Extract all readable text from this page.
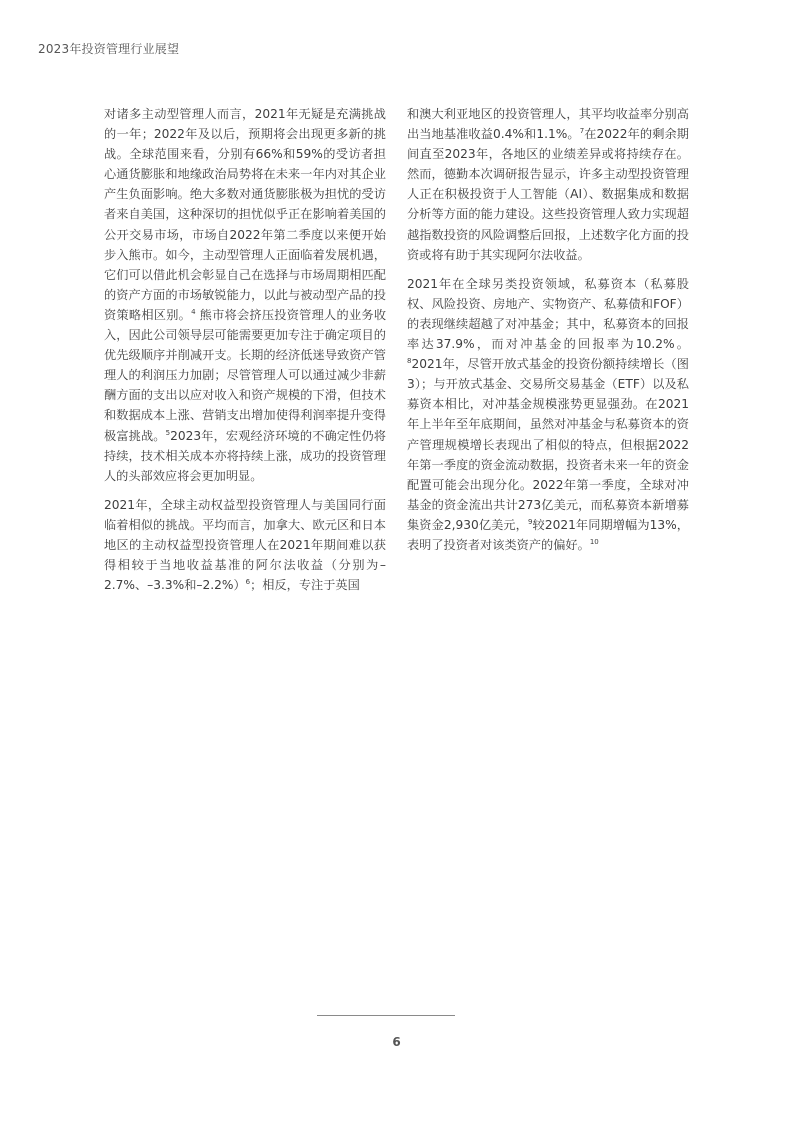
2023年投资管理行业展望

对诸多主动型管理人而言，2021年无疑是充满挑战的一年；2022年及以后，预期将会出现更多新的挑战。全球范围来看，分别有66%和59%的受访者担心通货膨胀和地缘政治局势将在未来一年内对其企业产生负面影响。绝大多数对通货膨胀极为担忧的受访者来自美国，这种深切的担忧似乎正在影响着美国的公开交易市场，市场自2022年第二季度以来便开始步入熊市。如今，主动型管理人正面临着发展机遇，它们可以借此机会彰显自己在选择与市场周期相匹配的资产方面的市场敏锐能力，以此与被动型产品的投资策略相区别。$^4$ 熊市将会挤压投资管理人的业务收入，因此公司领导层可能需要更加专注于确定项目的优先级顺序并削减开支。长期的经济低迷导致资产管理人的利润压力加剧；尽管管理人可以通过减少非薪酬方面的支出以应对收入和资产规模的下滑，但技术和数据成本上涨、营销支出增加使得利润率提升变得极富挑战。$^5$2023年，宏观经济环境的不确定性仍将持续，技术相关成本亦将持续上涨，成功的投资管理人的头部效应将会更加明显。

2021年，全球主动权益型投资管理人与美国同行面临着相似的挑战。平均而言，加拿大、欧元区和日本地区的主动权益型投资管理人在2021年期间难以获得相较于当地收益基准的阿尔法收益（分别为–2.7%、–3.3%和–2.2%）$^6$；相反，专注于英国

和澳大利亚地区的投资管理人，其平均收益率分别高出当地基准收益0.4%和1.1%。$^7$在2022年的剩余期间直至2023年，各地区的业绩差异或将持续存在。然而，德勤本次调研报告显示，许多主动型投资管理人正在积极投资于人工智能（AI）、数据集成和数据分析等方面的能力建设。这些投资管理人致力实现超越指数投资的风险调整后回报，上述数字化方面的投资或将有助于其实现阿尔法收益。

2021年在全球另类投资领域，私募资本（私募股权、风险投资、房地产、实物资产、私募债和FOF）的表现继续超越了对冲基金；其中，私募资本的回报率达37.9%，而对冲基金的回报率为10.2%。$^8$2021年，尽管开放式基金的投资份额持续增长（图3）；与开放式基金、交易所交易基金（ETF）以及私募资本相比，对冲基金规模涨势更显强劲。在2021年上半年至年底期间，虽然对冲基金与私募资本的资产管理规模增长表现出了相似的特点，但根据2022年第一季度的资金流动数据，投资者未来一年的资金配置可能会出现分化。2022年第一季度，全球对冲基金的资金流出共计273亿美元，而私募资本新增募集资金2,930亿美元，$^9$较2021年同期增幅为13%，表明了投资者对该类资产的偏好。$^{10}$

6
